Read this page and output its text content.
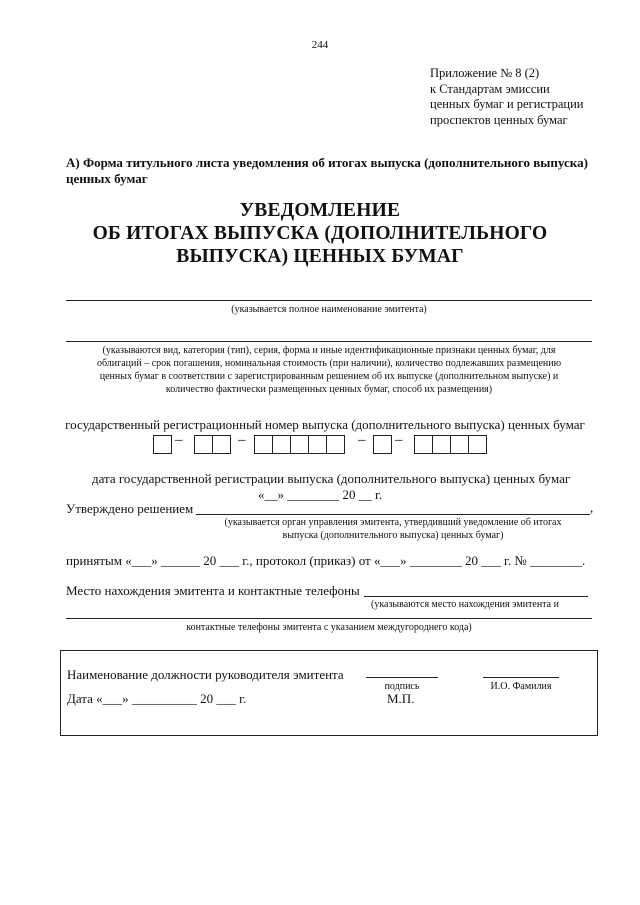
244
Приложение № 8 (2)
к Стандартам эмиссии
ценных бумаг и регистрации
проспектов ценных бумаг
А) Форма титульного листа уведомления об итогах выпуска (дополнительного выпуска) ценных бумаг
УВЕДОМЛЕНИЕ
ОБ ИТОГАХ ВЫПУСКА (ДОПОЛНИТЕЛЬНОГО
ВЫПУСКА) ЦЕННЫХ БУМАГ
(указывается полное наименование эмитента)
(указываются вид, категория (тип), серия, форма и иные идентификационные признаки ценных бумаг, для
облигаций – срок погашения, номинальная стоимость (при наличии), количество подлежавших размещению
ценных бумаг в соответствии с зарегистрированным решением об их выпуске (дополнительном выпуске) и
количество фактически размещенных ценных бумаг, способ их размещения)
государственный регистрационный номер выпуска (дополнительного выпуска) ценных бумаг
–	–	– –
дата государственной регистрации выпуска (дополнительного выпуска) ценных бумаг
«__» ________ 20 __ г.
Утверждено решением	,
(указывается орган управления эмитента, утвердивший уведомление об итогах
выпуска (дополнительного выпуска) ценных бумаг)
принятым «___» ______ 20 ___ г., протокол (приказ) от «___» ________ 20 ___ г. № ________.
Место нахождения эмитента и контактные телефоны
(указываются место нахождения эмитента и
контактные телефоны эмитента с указанием междугороднего кода)
Наименование должности руководителя эмитента
подпись	И.О. Фамилия
Дата «___» __________ 20 ___ г.	М.П.
